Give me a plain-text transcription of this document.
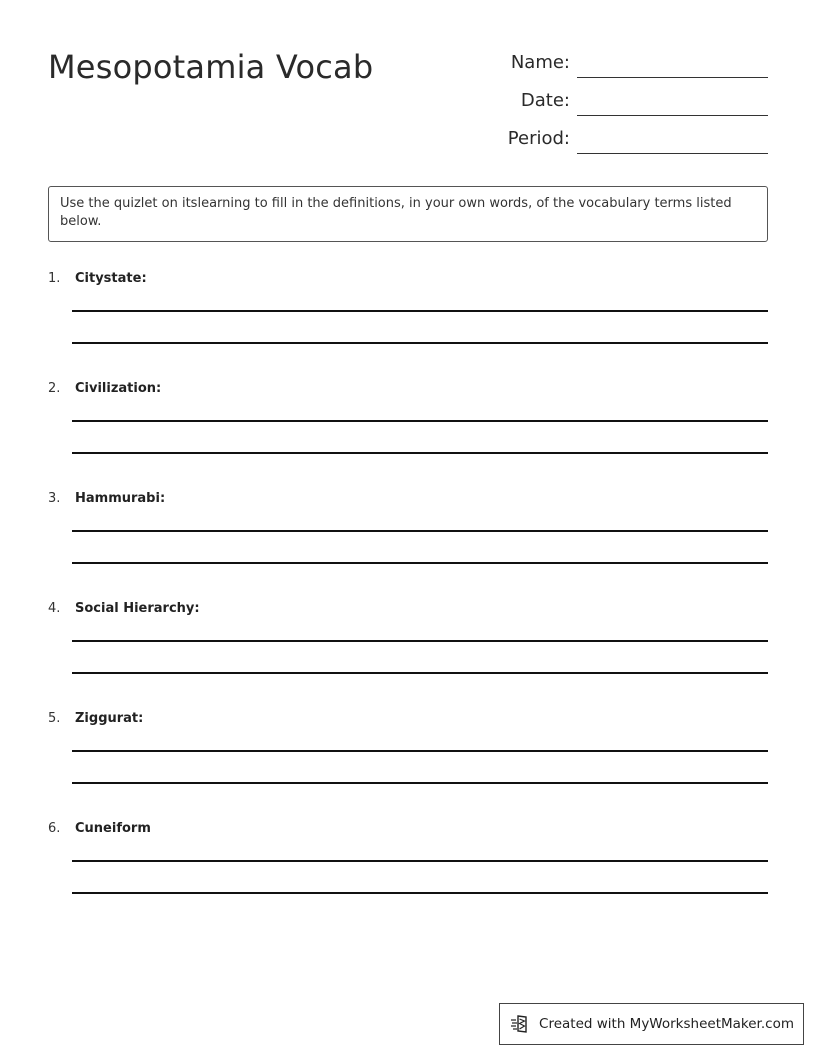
Mesopotamia Vocab	Name:
Date:
Period:
Use the quizlet on itslearning to fill in the definitions, in your own words, of the vocabulary terms listed below.
1. Citystate:
2. Civilization:
3. Hammurabi:
4. Social Hierarchy:
5. Ziggurat:
6. Cuneiform
Created with MyWorksheetMaker.com
